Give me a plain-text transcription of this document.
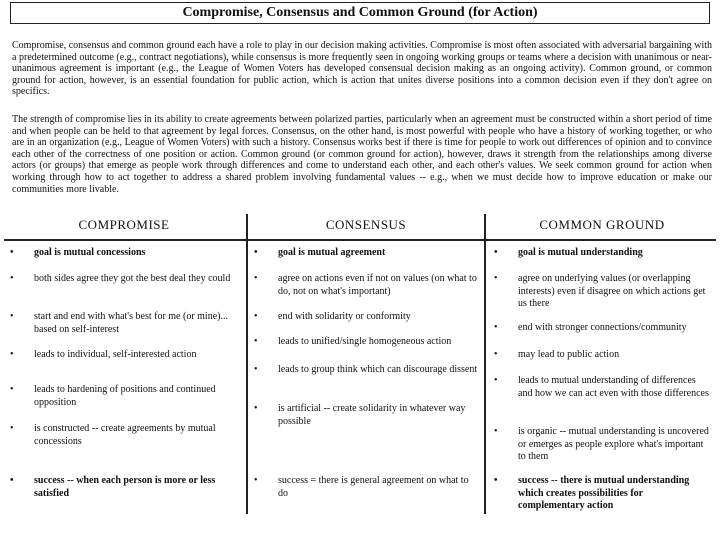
Compromise, Consensus and Common Ground (for Action)
Compromise, consensus and common ground each have a role to play in our decision making activities. Compromise is most often associated with adversarial bargaining with a predetermined outcome (e.g., contract negotiations), while consensus is more frequently seen in ongoing working groups or teams where a decision with unanimous or near-unanimous agreement is important (e.g., the League of Women Voters has developed consensual decision making as an ongoing activity). Common ground, or common ground for action, however, is an essential foundation for public action, which is action that unites diverse positions into a common decision even if they don't agree on specifics.
The strength of compromise lies in its ability to create agreements between polarized parties, particularly when an agreement must be constructed within a short period of time and when people can be held to that agreement by legal forces. Consensus, on the other hand, is most powerful with people who have a history of working together, or who are in an organization (e.g., League of Women Voters) with such a history. Consensus works best if there is time for people to work out differences of opinion and to convince each other of the correctness of one position or action. Common ground (or common ground for action), however, draws it strength from the relationships among diverse actors (or groups) that emerge as people work through differences and come to understand each other, and each other's values. We seek common ground for action when working through how to act together to address a shared problem involving fundamental values -- e.g., when we must decide how to improve education or make our communities more livable.
COMPROMISE
• goal is mutual concessions
• both sides agree they got the best deal they could
• start and end with what's best for me (or mine)... based on self-interest
• leads to individual, self-interested action
• leads to hardening of positions and continued opposition
• is constructed -- create agreements by mutual concessions
• success -- when each person is more or less satisfied
CONSENSUS
• goal is mutual agreement
• agree on actions even if not on values (on what to do, not on what's important)
• end with solidarity or conformity
• leads to unified/single homogeneous action
• leads to group think which can discourage dissent
• is artificial -- create solidarity in whatever way possible
• success = there is general agreement on what to do
COMMON GROUND
• goal is mutual understanding
• agree on underlying values (or overlapping interests) even if disagree on which actions get us there
• end with stronger connections/community
• may lead to public action
• leads to mutual understanding of differences and how we can act even with those differences
• is organic -- mutual understanding is uncovered or emerges as people explore what's important to them
• success -- there is mutual understanding which creates possibilities for complementary action
